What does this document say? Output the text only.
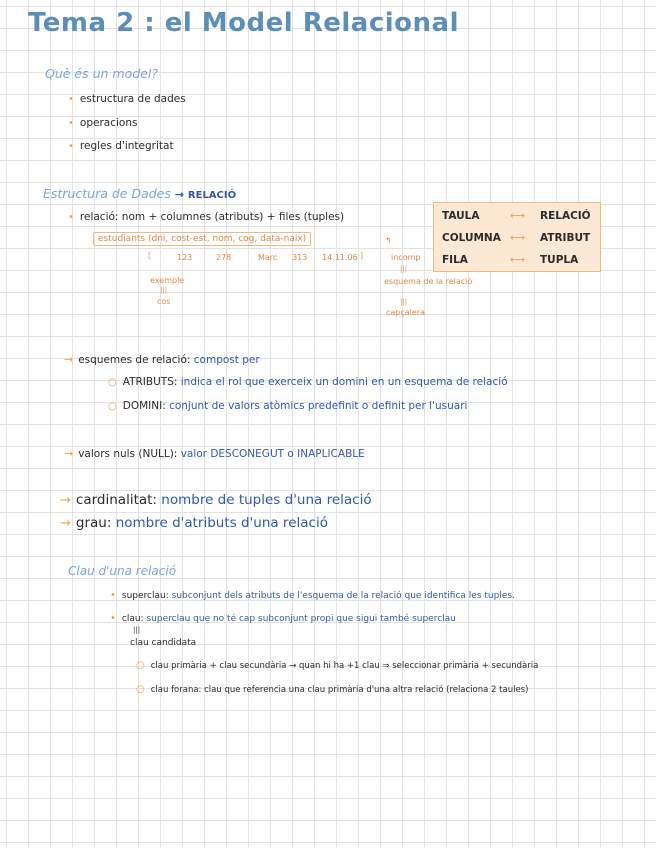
Tema 2 : el Model Relacional
Què és un model?
• estructura de dades
• operacions
• regles d'integritat
Estructura de Dades → RELACIÓ
• relació: nom + columnes (atributs) + files (tuples)
estudiants (dni, cost-est, nom, cog, data-naix)	↰
[	123	278	Marc 313 14.11.06 ]	incomp
exemple
|||
cos
|||
esquema de la relació
|||
capçalera
TAULA	⟷ RELACIÓ
COLUMNA ⟷ ATRIBUT
FILA	⟷ TUPLA
→ esquemes de relació: compost per
○ ATRIBUTS: indica el rol que exerceix un domini en un esquema de relació
○ DOMINI: conjunt de valors atòmics predefinit o definit per l'usuari
→ valors nuls (NULL): valor DESCONEGUT o INAPLICABLE
→ cardinalitat: nombre de tuples d'una relació
→ grau: nombre d'atributs d'una relació
Clau d'una relació
• superclau: subconjunt dels atributs de l'esquema de la relació que identifica les tuples.
• clau: superclau que no té cap subconjunt propi que sigui també superclau
|||
clau candidata
○ clau primària + clau secundària → quan hi ha +1 clau ⇒ seleccionar primària + secundària
○ clau forana: clau que referencia una clau primària d'una altra relació (relaciona 2 taules)
